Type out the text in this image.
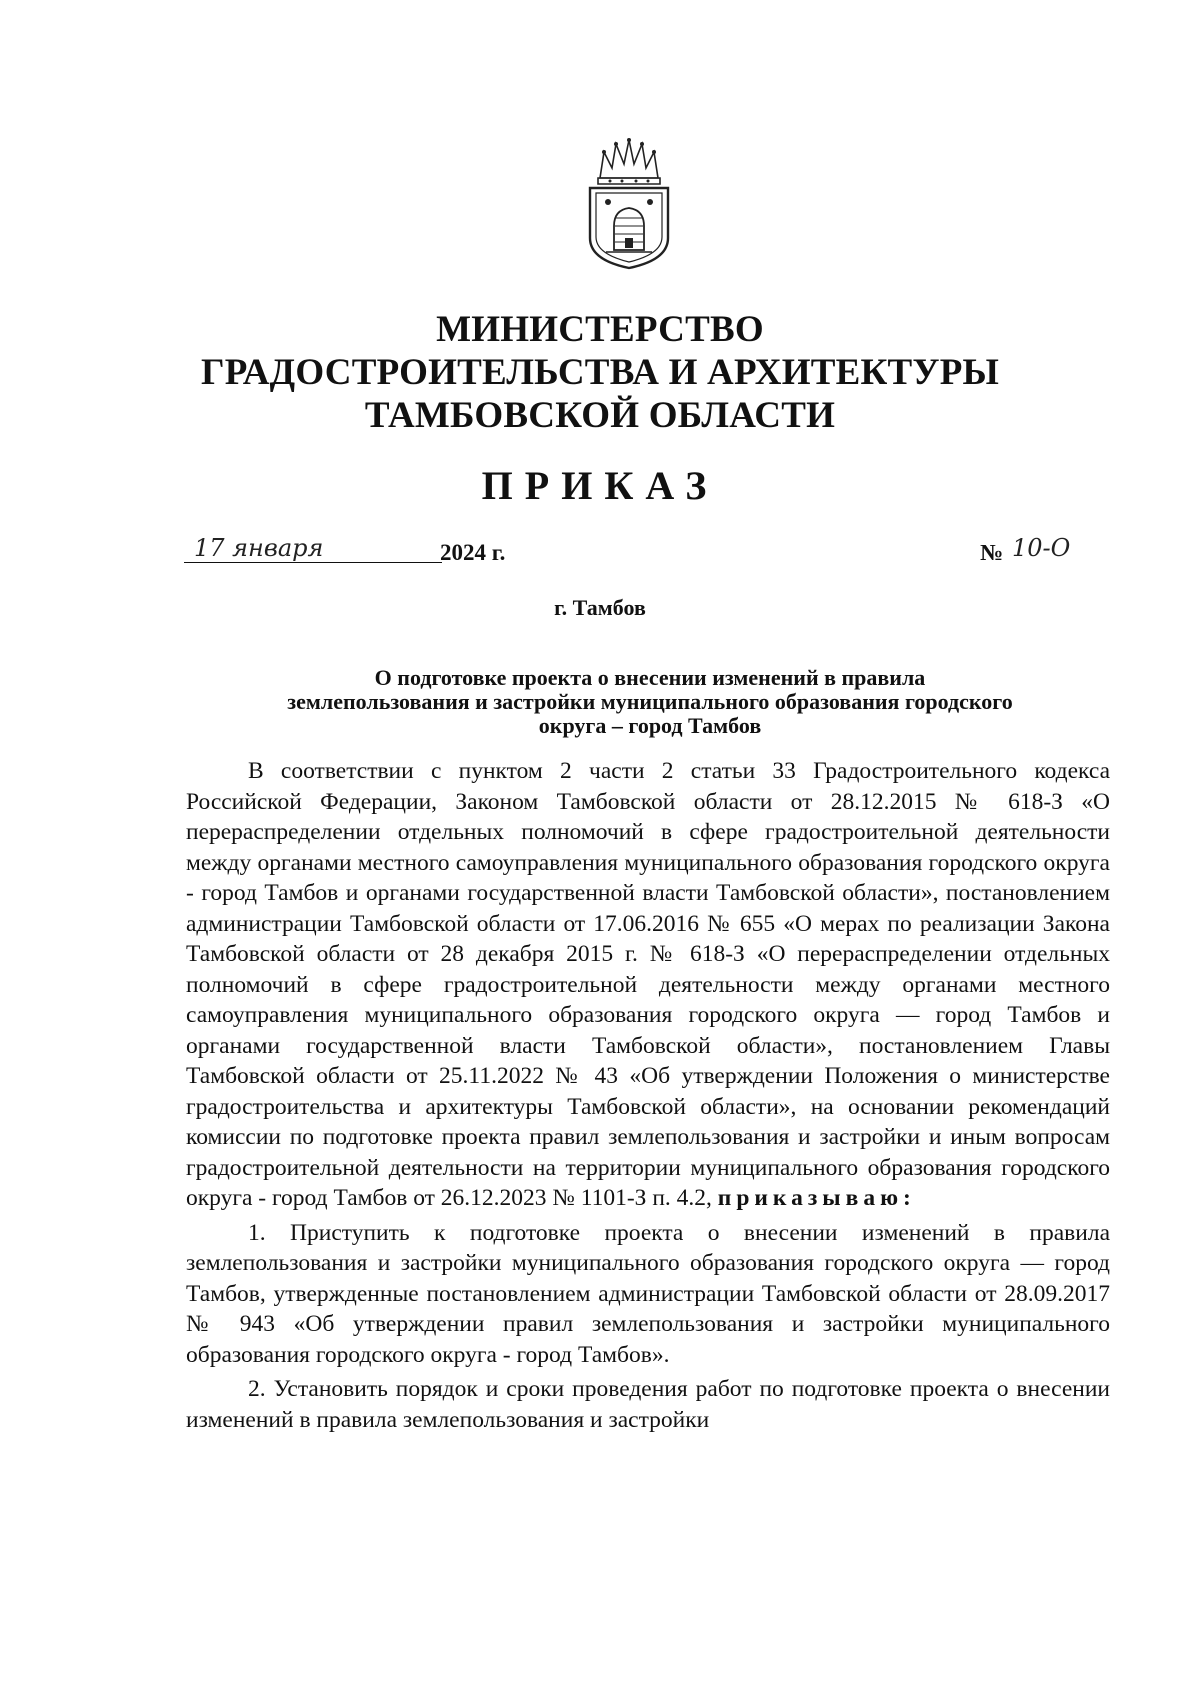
МИНИСТЕРСТВО
ГРАДОСТРОИТЕЛЬСТВА И АРХИТЕКТУРЫ
ТАМБОВСКОЙ ОБЛАСТИ
ПРИКАЗ
17 января	2024 г.	№ 10-О
г. Тамбов
О подготовке проекта о внесении изменений в правила
землепользования и застройки муниципального образования городского
округа – город Тамбов

В соответствии с пунктом 2 части 2 статьи 33 Градостроительного кодекса Российской Федерации, Законом Тамбовской области от 28.12.2015 № 618-З «О перераспределении отдельных полномочий в сфере градостроительной деятельности между органами местного самоуправления муниципального образования городского округа - город Тамбов и органами государственной власти Тамбовской области», постановлением администрации Тамбовской области от 17.06.2016 № 655 «О мерах по реализации Закона Тамбовской области от 28 декабря 2015 г. № 618-З «О перераспределении отдельных полномочий в сфере градостроительной деятельности между органами местного самоуправления муниципального образования городского округа — город Тамбов и органами государственной власти Тамбовской области», постановлением Главы Тамбовской области от 25.11.2022 № 43 «Об утверждении Положения о министерстве градостроительства и архитектуры Тамбовской области», на основании рекомендаций комиссии по подготовке проекта правил землепользования и застройки и иным вопросам градостроительной деятельности на территории муниципального образования городского округа - город Тамбов от 26.12.2023 № 1101-З п. 4.2, приказываю:

1. Приступить к подготовке проекта о внесении изменений в правила землепользования и застройки муниципального образования городского округа — город Тамбов, утвержденные постановлением администрации Тамбовской области от 28.09.2017 № 943 «Об утверждении правил землепользования и застройки муниципального образования городского округа - город Тамбов».

2. Установить порядок и сроки проведения работ по подготовке проекта о внесении изменений в правила землепользования и застройки
